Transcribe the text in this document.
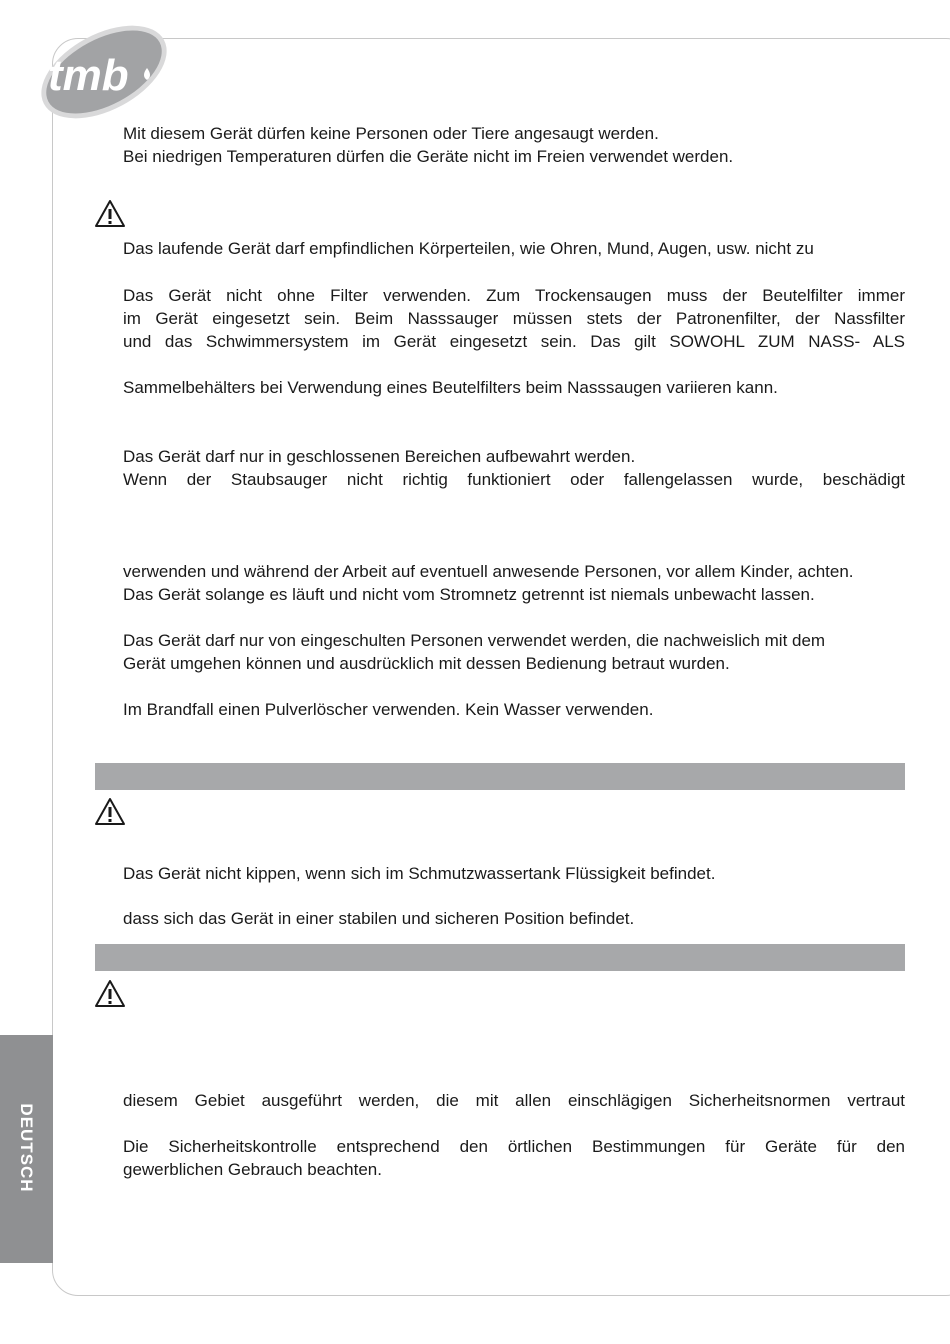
tmb
DEUTSCH
Mit diesem Gerät dürfen keine Personen oder Tiere angesaugt werden.
Bei niedrigen Temperaturen dürfen die Geräte nicht im Freien verwendet werden.
Das laufende Gerät darf empfindlichen Körperteilen, wie Ohren, Mund, Augen, usw. nicht zu
Das Gerät nicht ohne Filter verwenden. Zum Trockensaugen muss der Beutelfilter immer
im Gerät eingesetzt sein. Beim Nasssauger müssen stets der Patronenfilter, der Nassfilter
und das Schwimmersystem im Gerät eingesetzt sein. Das gilt SOWOHL ZUM NASS- ALS
Sammelbehälters bei Verwendung eines Beutelfilters beim Nasssaugen variieren kann.
Das Gerät darf nur in geschlossenen Bereichen aufbewahrt werden.
Wenn der Staubsauger nicht richtig funktioniert oder fallengelassen wurde, beschädigt
verwenden und während der Arbeit auf eventuell anwesende Personen, vor allem Kinder, achten.
Das Gerät solange es läuft und nicht vom Stromnetz getrennt ist niemals unbewacht lassen.
Das Gerät darf nur von eingeschulten Personen verwendet werden, die nachweislich mit dem
Gerät umgehen können und ausdrücklich mit dessen Bedienung betraut wurden.
Im Brandfall einen Pulverlöscher verwenden. Kein Wasser verwenden.
Das Gerät nicht kippen, wenn sich im Schmutzwassertank Flüssigkeit befindet.
dass sich das Gerät in einer stabilen und sicheren Position befindet.
diesem Gebiet ausgeführt werden, die mit allen einschlägigen Sicherheitsnormen vertraut
Die Sicherheitskontrolle entsprechend den örtlichen Bestimmungen für Geräte für den
gewerblichen Gebrauch beachten.
